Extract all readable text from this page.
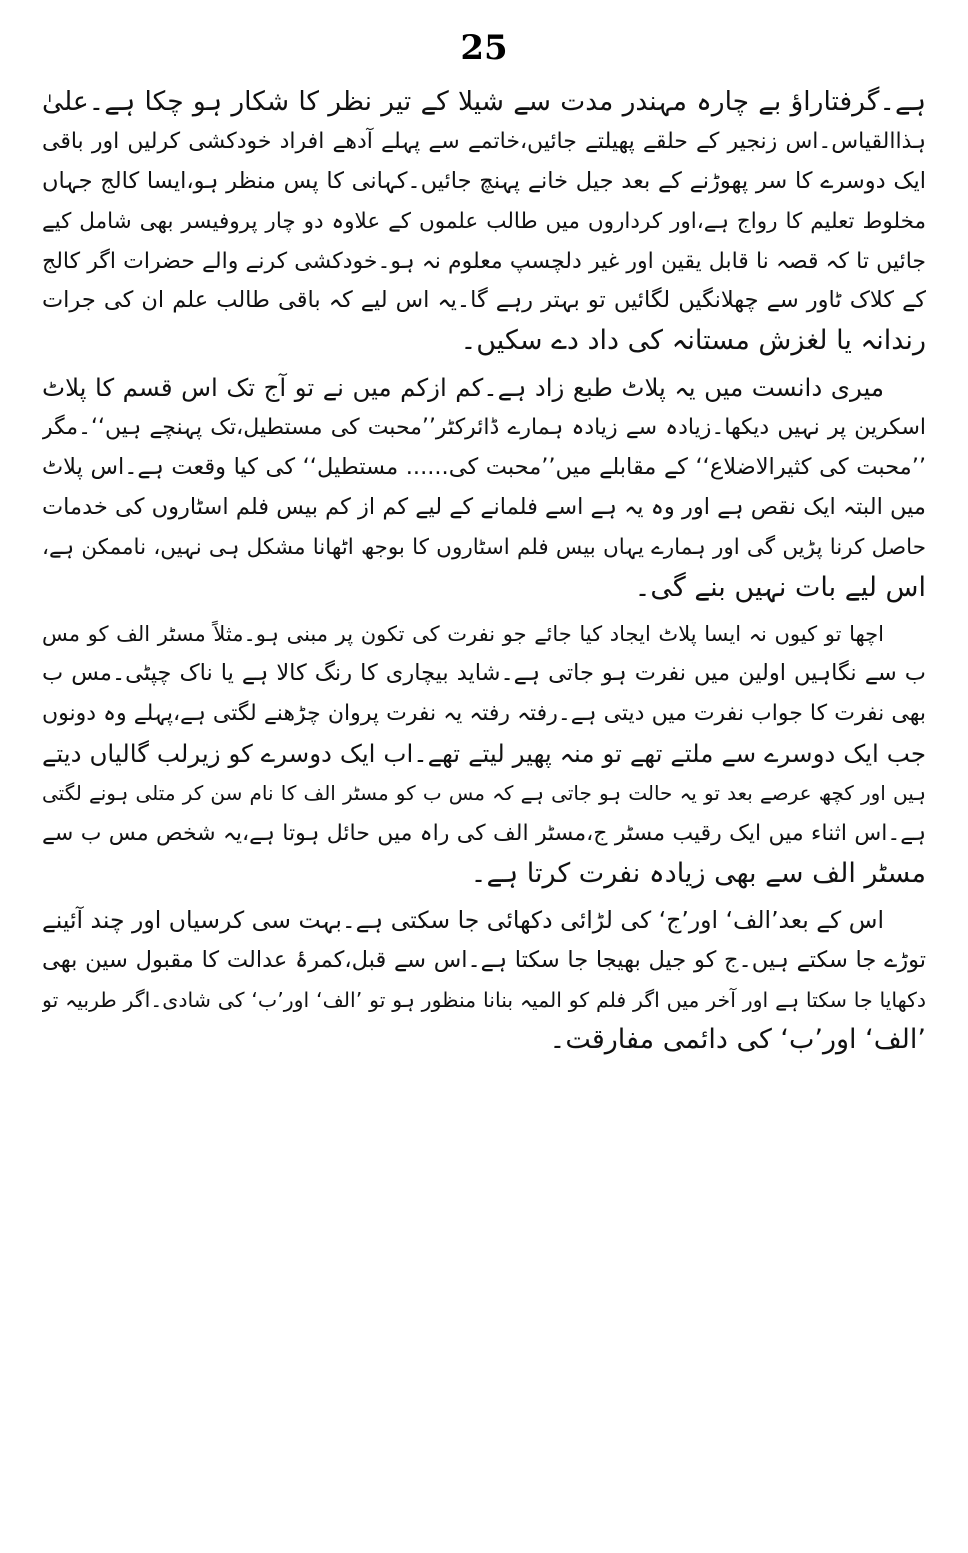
25
ہے۔گرفتاراؤ بے چارہ مہندر مدت سے شیلا کے تیر نظر کا شکار ہو چکا ہے۔علیٰ
ہذاالقیاس۔اس زنجیر کے حلقے پھیلتے جائیں،خاتمے سے پہلے آدھے افراد خودکشی کرلیں اور باقی
ایک دوسرے کا سر پھوڑنے کے بعد جیل خانے پہنچ جائیں۔کہانی کا پس منظر ہو،ایسا کالج جہاں
مخلوط تعلیم کا رواج ہے،اور کرداروں میں طالب علموں کے علاوہ دو چار پروفیسر بھی شامل کیے
جائیں تا کہ قصہ نا قابل یقین اور غیر دلچسپ معلوم نہ ہو۔خودکشی کرنے والے حضرات اگر کالج
کے کلاک ٹاور سے چھلانگیں لگائیں تو بہتر رہے گا۔یہ اس لیے کہ باقی طالب علم ان کی جرات
رندانہ یا لغزش مستانہ کی داد دے سکیں۔
میری دانست میں یہ پلاٹ طبع زاد ہے۔کم ازکم میں نے تو آج تک اس قسم کا پلاٹ
اسکرین پر نہیں دیکھا۔زیادہ سے زیادہ ہمارے ڈائرکٹر’’محبت کی مستطیل،تک پہنچے ہیں‘‘۔مگر
’’محبت کی کثیرالاضلاع‘‘ کے مقابلے میں’’محبت کی...... مستطیل‘‘ کی کیا وقعت ہے۔اس پلاٹ
میں البتہ ایک نقص ہے اور وہ یہ ہے اسے فلمانے کے لیے کم از کم بیس فلم اسٹاروں کی خدمات
حاصل کرنا پڑیں گی اور ہمارے یہاں بیس فلم اسٹاروں کا بوجھ اٹھانا مشکل ہی نہیں، ناممکن ہے،
اس لیے بات نہیں بنے گی۔
اچھا تو کیوں نہ ایسا پلاٹ ایجاد کیا جائے جو نفرت کی تکون پر مبنی ہو۔مثلاً مسٹر الف کو مس
ب سے نگاہیں اولین میں نفرت ہو جاتی ہے۔شاید بیچاری کا رنگ کالا ہے یا ناک چپٹی۔مس ب
بھی نفرت کا جواب نفرت میں دیتی ہے۔رفتہ رفتہ یہ نفرت پروان چڑھنے لگتی ہے،پہلے وہ دونوں
جب ایک دوسرے سے ملتے تھے تو منہ پھیر لیتے تھے۔اب ایک دوسرے کو زیرلب گالیاں دیتے
ہیں اور کچھ عرصے بعد تو یہ حالت ہو جاتی ہے کہ مس ب کو مسٹر الف کا نام سن کر متلی ہونے لگتی
ہے۔اس اثناء میں ایک رقیب مسٹر ج،مسٹر الف کی راہ میں حائل ہوتا ہے،یہ شخص مس ب سے
مسٹر الف سے بھی زیادہ نفرت کرتا ہے۔
اس کے بعد’الف‘ اور’ج‘ کی لڑائی دکھائی جا سکتی ہے۔بہت سی کرسیاں اور چند آئینے
توڑے جا سکتے ہیں۔ج کو جیل بھیجا جا سکتا ہے۔اس سے قبل،کمرۂ عدالت کا مقبول سین بھی
دکھایا جا سکتا ہے اور آخر میں اگر فلم کو المیہ بنانا منظور ہو تو ’الف‘ اور’ب‘ کی شادی۔اگر طربیہ تو
’الف‘ اور’ب‘ کی دائمی مفارقت۔
